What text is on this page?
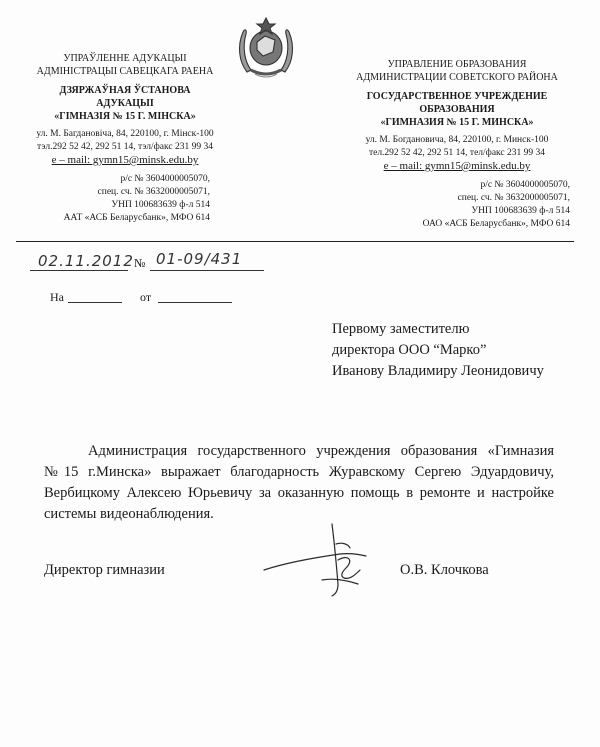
УПРАЎЛЕННЕ АДУКАЦЫІ
АДМІНІСТРАЦЫІ САВЕЦКАГА РАЕНА
ДЗЯРЖАЎНАЯ ЎСТАНОВА
АДУКАЦЫІ
«ГІМНАЗІЯ № 15 Г. МІНСКА»
ул. М. Багдановіча, 84, 220100, г. Мінск-100
тэл.292 52 42, 292 51 14, тэл/факс 231 99 34
e – mail: gymn15@minsk.edu.by
р/с № 3604000005070,
спец. сч. № 3632000005071,
УНП 100683639 ф-л 514
ААТ «АСБ Беларусбанк», МФО 614
УПРАВЛЕНИЕ ОБРАЗОВАНИЯ
АДМИНИСТРАЦИИ СОВЕТСКОГО РАЙОНА
ГОСУДАРСТВЕННОЕ УЧРЕЖДЕНИЕ
ОБРАЗОВАНИЯ
«ГИМНАЗИЯ № 15 Г. МИНСКА»
ул. М. Богдановича, 84, 220100, г. Минск-100
тел.292 52 42, 292 51 14, тел/факс 231 99 34
e – mail: gymn15@minsk.edu.by
р/с № 3604000005070,
спец. сч. № 3632000005071,
УНП 100683639 ф-л 514
ОАО «АСБ Беларусбанк», МФО 614
02.11.2012 № 01-09/431
На	от
Первому заместителю
директора ООО “Марко”
Иванову Владимиру Леонидовичу

Администрация государственного учреждения образования «Гимназия №15 г.Минска» выражает благодарность Журавскому Сергею Эдуардовичу, Вербицкому Алексею Юрьевичу за оказанную помощь в ремонте и настройке системы видеонаблюдения.

Директор гимназии	О.В. Клочкова
